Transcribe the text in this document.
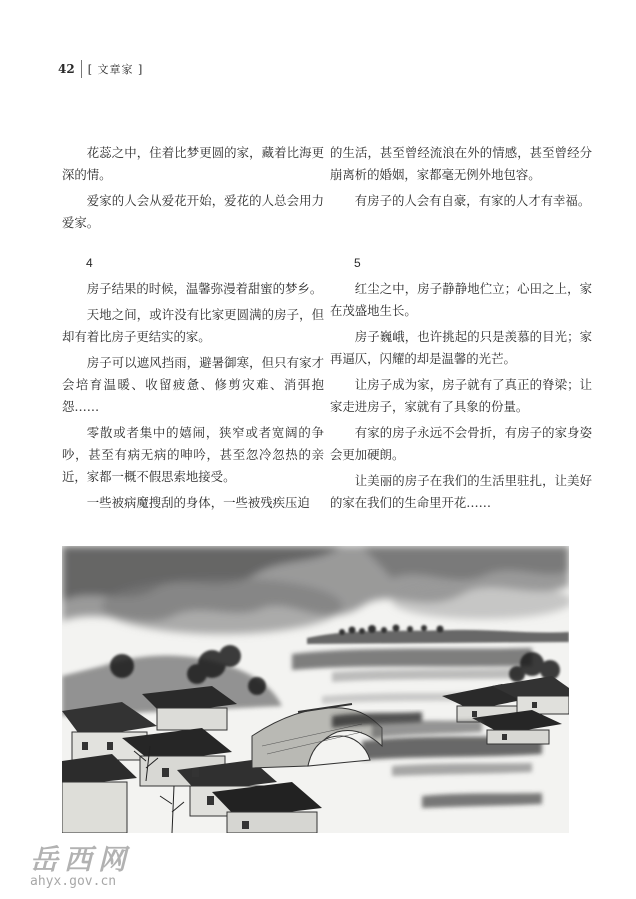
42	[ 文章家 ]

花蕊之中，住着比梦更圆的家，藏着比海更深的情。

爱家的人会从爱花开始，爱花的人总会用力爱家。

的生活，甚至曾经流浪在外的情感，甚至曾经分崩离析的婚姻，家都毫无例外地包容。

有房子的人会有自豪，有家的人才有幸福。

4

房子结果的时候，温馨弥漫着甜蜜的梦乡。

天地之间，或许没有比家更圆满的房子，但却有着比房子更结实的家。

房子可以遮风挡雨，避暑御寒，但只有家才会培育温暖、收留疲惫、修剪灾难、消弭抱怨……

零散或者集中的嬉闹，狭窄或者宽阔的争吵，甚至有病无病的呻吟，甚至忽冷忽热的亲近，家都一概不假思索地接受。

一些被病魔搜刮的身体，一些被残疾压迫

5

红尘之中，房子静静地伫立；心田之上，家在茂盛地生长。

房子巍峨，也许挑起的只是羡慕的目光；家再逼仄，闪耀的却是温馨的光芒。

让房子成为家，房子就有了真正的脊梁；让家走进房子，家就有了具象的份量。

有家的房子永远不会骨折，有房子的家身姿会更加硬朗。

让美丽的房子在我们的生活里驻扎，让美好的家在我们的生命里开花……

岳西网
ahyx.gov.cn
